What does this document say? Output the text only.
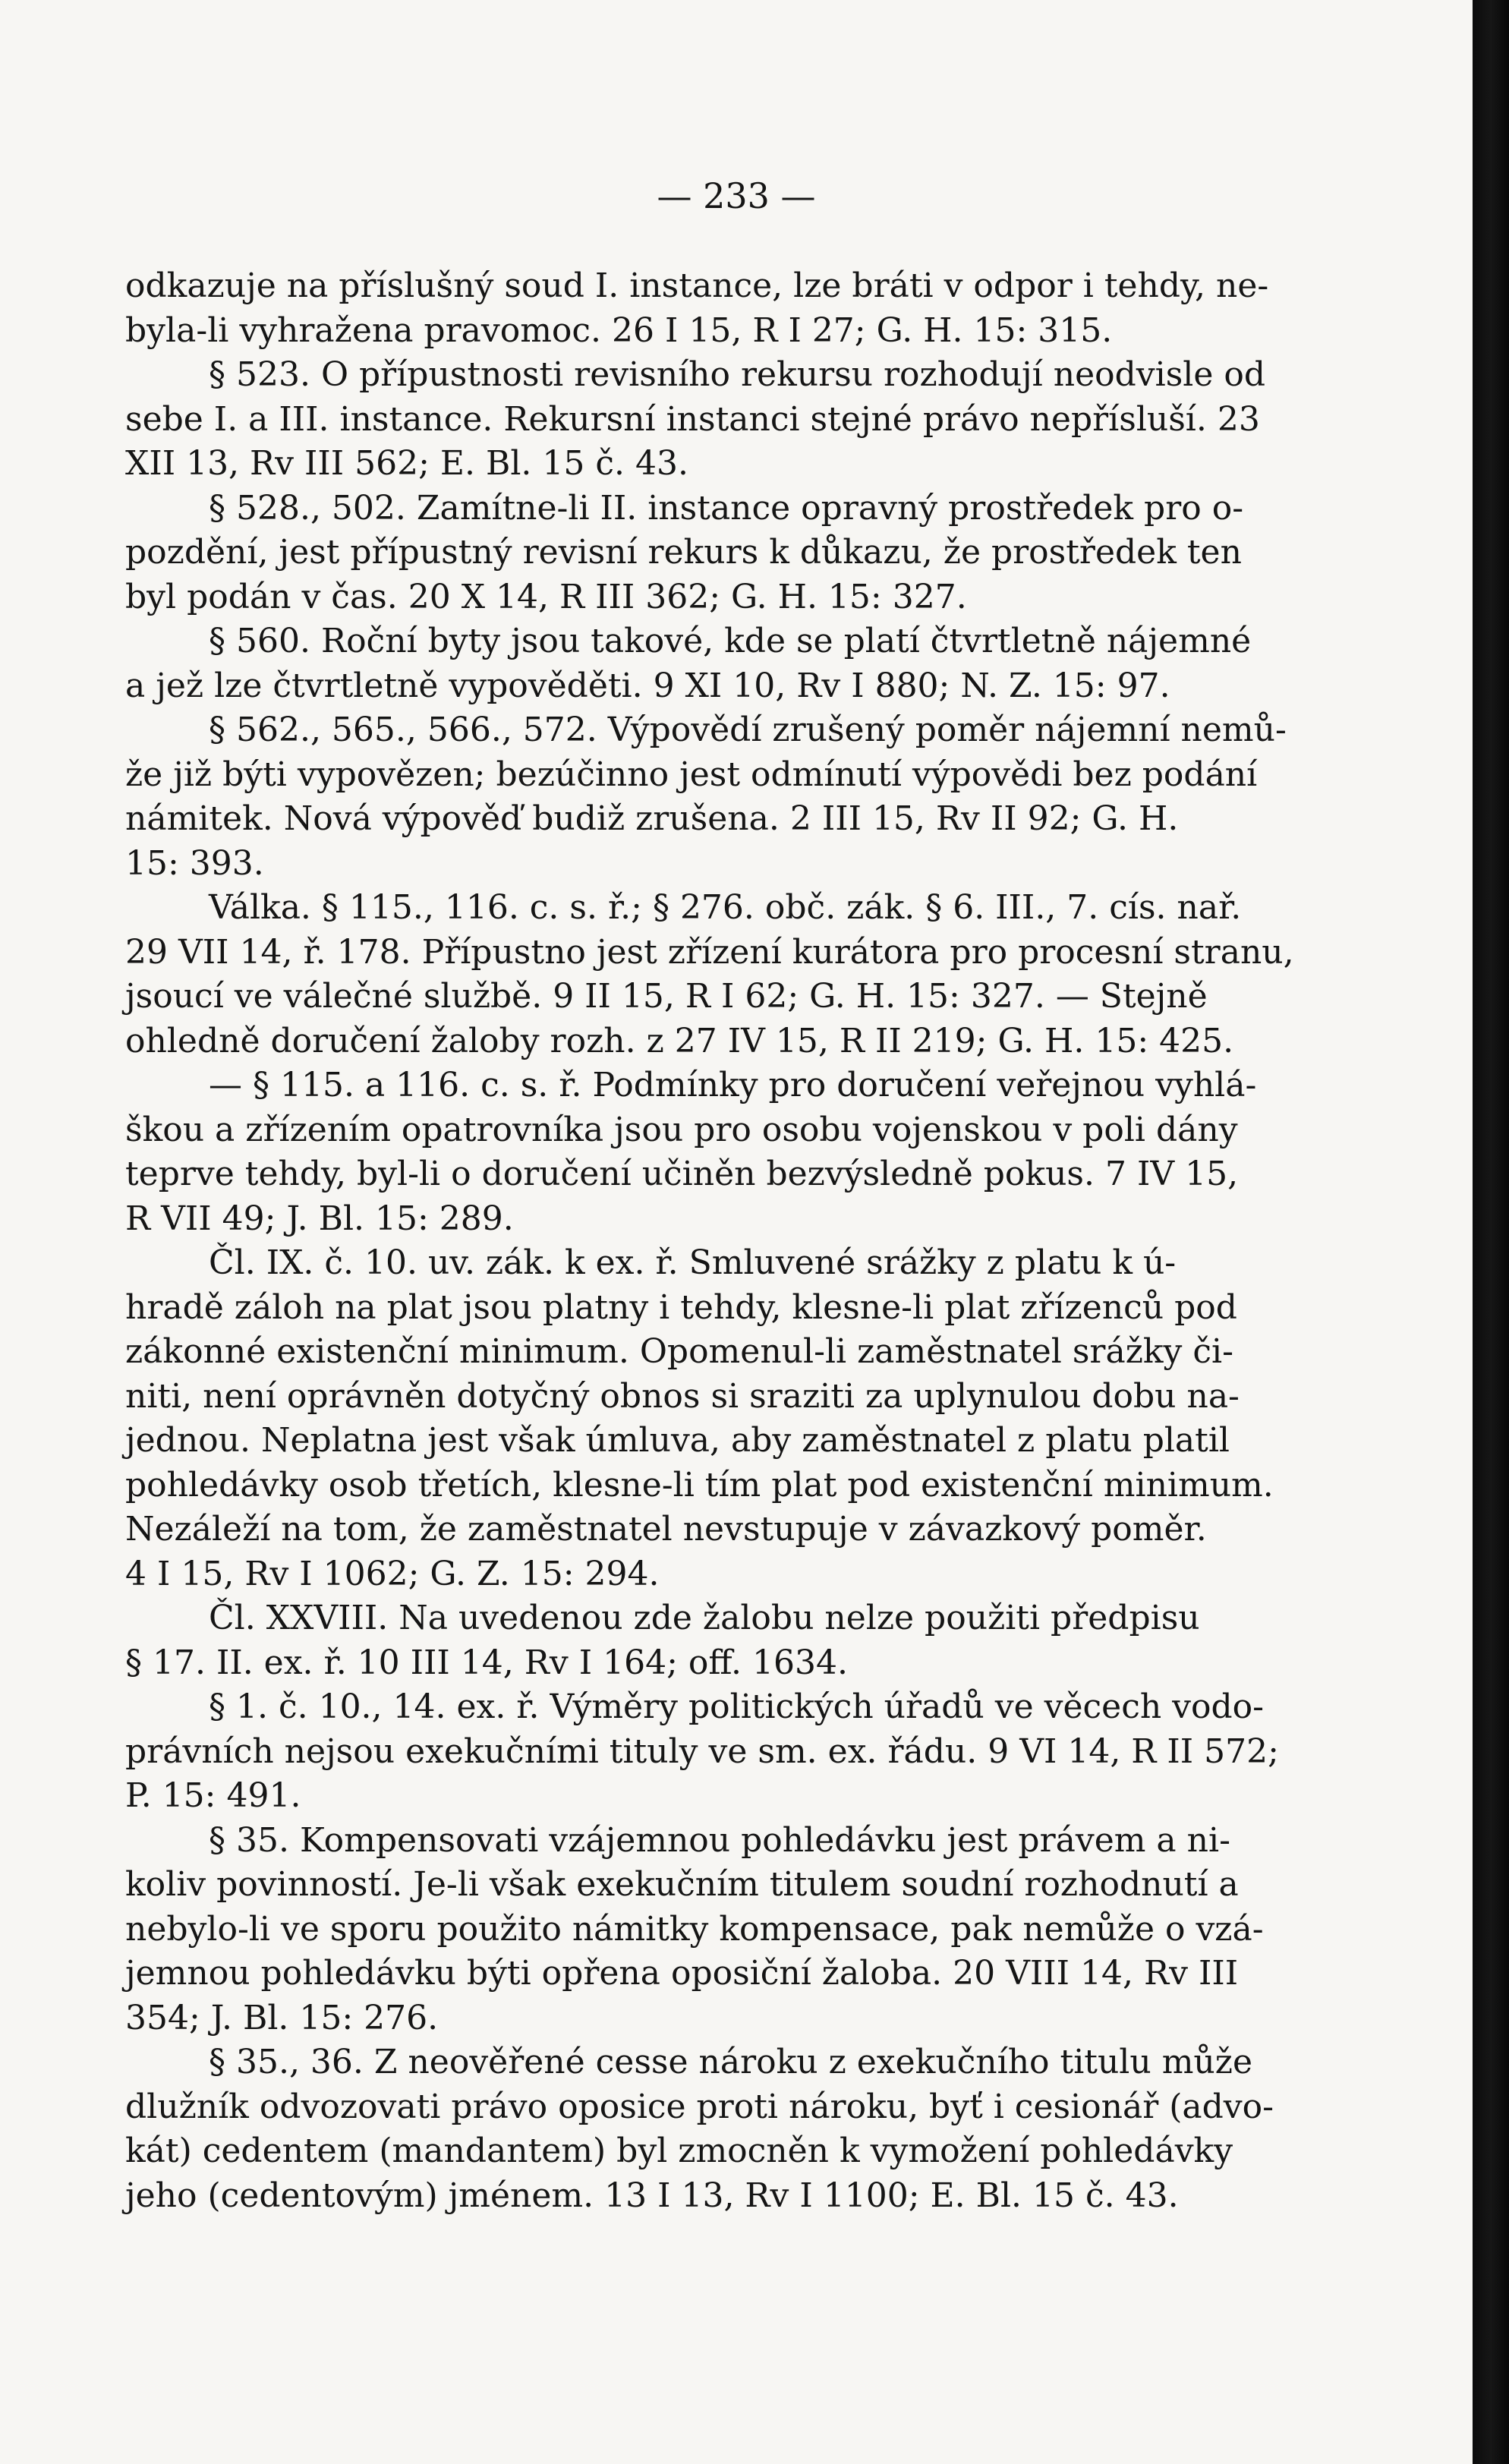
— 233 —
odkazuje na příslušný soud I. instance, lze bráti v odpor i tehdy, ne-
byla-li vyhražena pravomoc. 26 I 15, R I 27; G. H. 15: 315.
§ 523. O přípustnosti revisního rekursu rozhodují neodvisle od
sebe I. a III. instance. Rekursní instanci stejné právo nepřísluší. 23
XII 13, Rv III 562; E. Bl. 15 č. 43.
§ 528., 502. Zamítne-li II. instance opravný prostředek pro o-
pozdění, jest přípustný revisní rekurs k důkazu, že prostředek ten
byl podán v čas. 20 X 14, R III 362; G. H. 15: 327.
§ 560. Roční byty jsou takové, kde se platí čtvrtletně nájemné
a jež lze čtvrtletně vypověděti. 9 XI 10, Rv I 880; N. Z. 15: 97.
§ 562., 565., 566., 572. Výpovědí zrušený poměr nájemní nemů-
že již býti vypovězen; bezúčinno jest odmínutí výpovědi bez podání
námitek. Nová výpověď budiž zrušena. 2 III 15, Rv II 92; G. H.
15: 393.
Válka. § 115., 116. c. s. ř.; § 276. obč. zák. § 6. III., 7. cís. nař.
29 VII 14, ř. 178. Přípustno jest zřízení kurátora pro procesní stranu,
jsoucí ve válečné službě. 9 II 15, R I 62; G. H. 15: 327. — Stejně
ohledně doručení žaloby rozh. z 27 IV 15, R II 219; G. H. 15: 425.
— § 115. a 116. c. s. ř. Podmínky pro doručení veřejnou vyhlá-
škou a zřízením opatrovníka jsou pro osobu vojenskou v poli dány
teprve tehdy, byl-li o doručení učiněn bezvýsledně pokus. 7 IV 15,
R VII 49; J. Bl. 15: 289.
Čl. IX. č. 10. uv. zák. k ex. ř. Smluvené srážky z platu k ú-
hradě záloh na plat jsou platny i tehdy, klesne-li plat zřízenců pod
zákonné existenční minimum. Opomenul-li zaměstnatel srážky či-
niti, není oprávněn dotyčný obnos si sraziti za uplynulou dobu na-
jednou. Neplatna jest však úmluva, aby zaměstnatel z platu platil
pohledávky osob třetích, klesne-li tím plat pod existenční minimum.
Nezáleží na tom, že zaměstnatel nevstupuje v závazkový poměr.
4 I 15, Rv I 1062; G. Z. 15: 294.
Čl. XXVIII. Na uvedenou zde žalobu nelze použiti předpisu
§ 17. II. ex. ř. 10 III 14, Rv I 164; off. 1634.
§ 1. č. 10., 14. ex. ř. Výměry politických úřadů ve věcech vodo-
právních nejsou exekučními tituly ve sm. ex. řádu. 9 VI 14, R II 572;
P. 15: 491.
§ 35. Kompensovati vzájemnou pohledávku jest právem a ni-
koliv povinností. Je-li však exekučním titulem soudní rozhodnutí a
nebylo-li ve sporu použito námitky kompensace, pak nemůže o vzá-
jemnou pohledávku býti opřena oposiční žaloba. 20 VIII 14, Rv III
354; J. Bl. 15: 276.
§ 35., 36. Z neověřené cesse nároku z exekučního titulu může
dlužník odvozovati právo oposice proti nároku, byť i cesionář (advo-
kát) cedentem (mandantem) byl zmocněn k vymožení pohledávky
jeho (cedentovým) jménem. 13 I 13, Rv I 1100; E. Bl. 15 č. 43.
